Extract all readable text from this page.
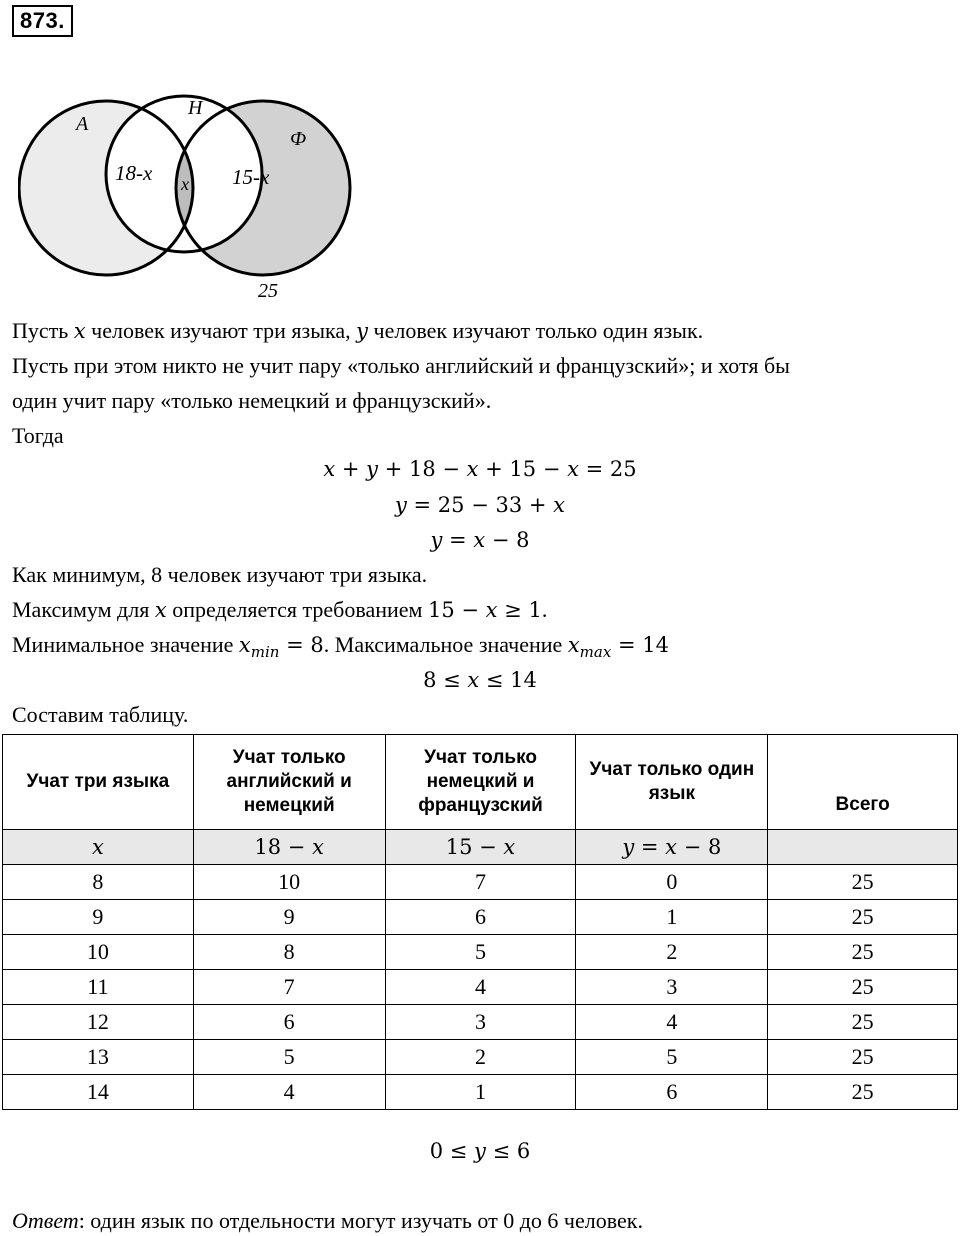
873.
A
Н
Ф
18-x x 15-x
25
Пусть x человек изучают три языка, y человек изучают только один язык.
Пусть при этом никто не учит пару «только английский и французский»; и хотя бы
один учит пару «только немецкий и французский».
Тогда
𝑥 + 𝑦 + 18 − 𝑥 + 15 − 𝑥 = 25
𝑦 = 25 − 33 + 𝑥
𝑦 = 𝑥 − 8
Как минимум, 8 человек изучают три языка.
Максимум для x определяется требованием 15 − 𝑥 ≥ 1.
Минимальное значение $x_{min} = 8$. Максимальное значение $x_{max} = 14$
8 ≤ 𝑥 ≤ 14
Составим таблицу.
Учат три языка	Учат только английский и немецкий	Учат только немецкий и французский	Учат только один язык	Всего
𝑥	18 − 𝑥	15 − 𝑥	𝑦 = 𝑥 − 8	
8	10	7	0	25
9	9	6	1	25
10	8	5	2	25
11	7	4	3	25
12	6	3	4	25
13	5	2	5	25
14	4	1	6	25
0 ≤ 𝑦 ≤ 6
Ответ: один язык по отдельности могут изучать от 0 до 6 человек.
